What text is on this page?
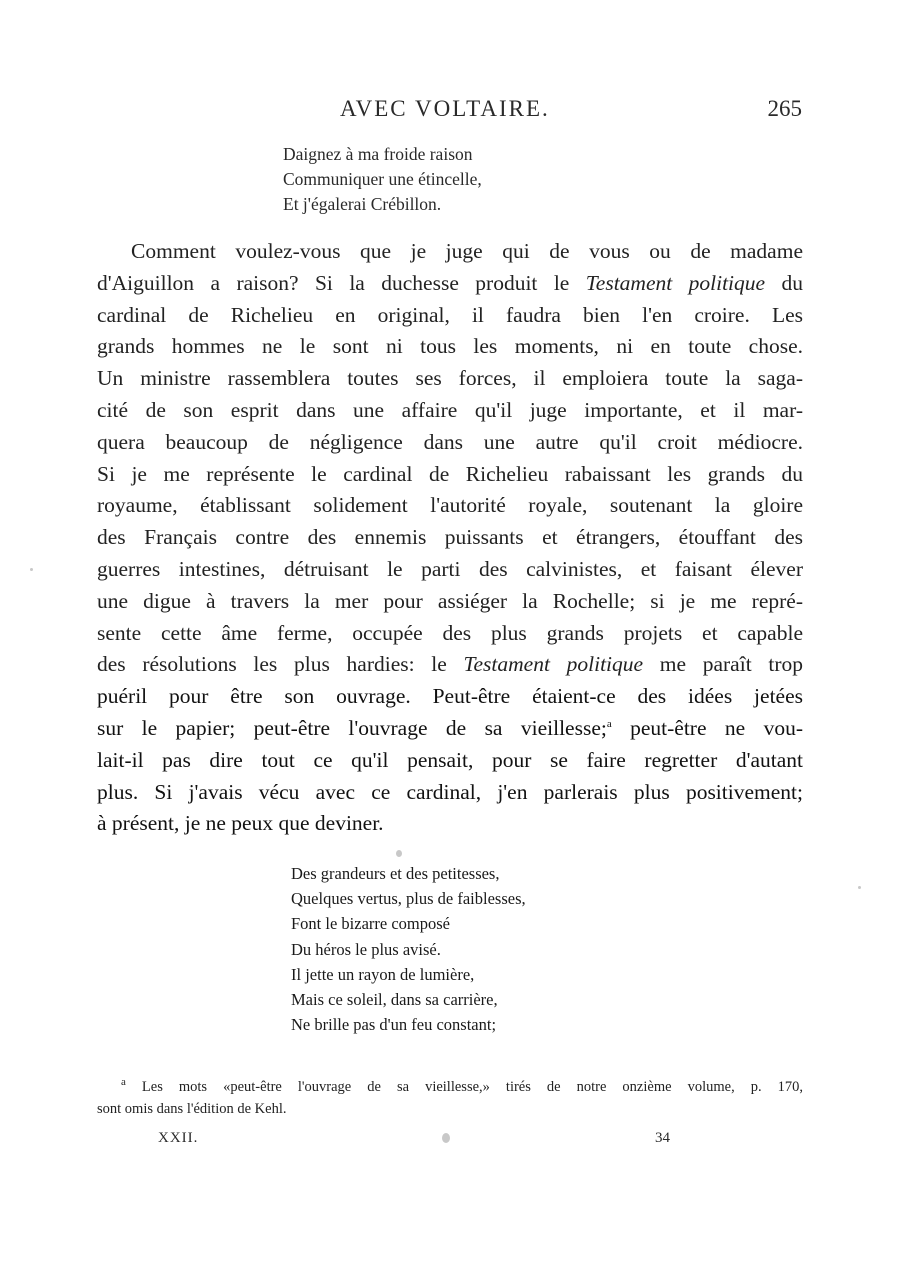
AVEC VOLTAIRE.	265
Daignez à ma froide raison
Communiquer une étincelle,
Et j'égalerai Crébillon.
Comment voulez-vous que je juge qui de vous ou de madame
d'Aiguillon a raison? Si la duchesse produit le Testament politique du
cardinal de Richelieu en original, il faudra bien l'en croire. Les
grands hommes ne le sont ni tous les moments, ni en toute chose.
Un ministre rassemblera toutes ses forces, il emploiera toute la saga-
cité de son esprit dans une affaire qu'il juge importante, et il mar-
quera beaucoup de négligence dans une autre qu'il croit médiocre.
Si je me représente le cardinal de Richelieu rabaissant les grands du
royaume, établissant solidement l'autorité royale, soutenant la gloire
des Français contre des ennemis puissants et étrangers, étouffant des
guerres intestines, détruisant le parti des calvinistes, et faisant élever
une digue à travers la mer pour assiéger la Rochelle; si je me repré-
sente cette âme ferme, occupée des plus grands projets et capable
des résolutions les plus hardies: le Testament politique me paraît trop
puéril pour être son ouvrage. Peut-être étaient-ce des idées jetées
sur le papier; peut-être l'ouvrage de sa vieillesse;$^a$ peut-être ne vou-
lait-il pas dire tout ce qu'il pensait, pour se faire regretter d'autant
plus. Si j'avais vécu avec ce cardinal, j'en parlerais plus positivement;
à présent, je ne peux que deviner.
Des grandeurs et des petitesses,
Quelques vertus, plus de faiblesses,
Font le bizarre composé
Du héros le plus avisé.
Il jette un rayon de lumière,
Mais ce soleil, dans sa carrière,
Ne brille pas d'un feu constant;
$^a$ Les mots «peut-être l'ouvrage de sa vieillesse,» tirés de notre onzième volume, p. 170,
sont omis dans l'édition de Kehl.
XXII.	34
